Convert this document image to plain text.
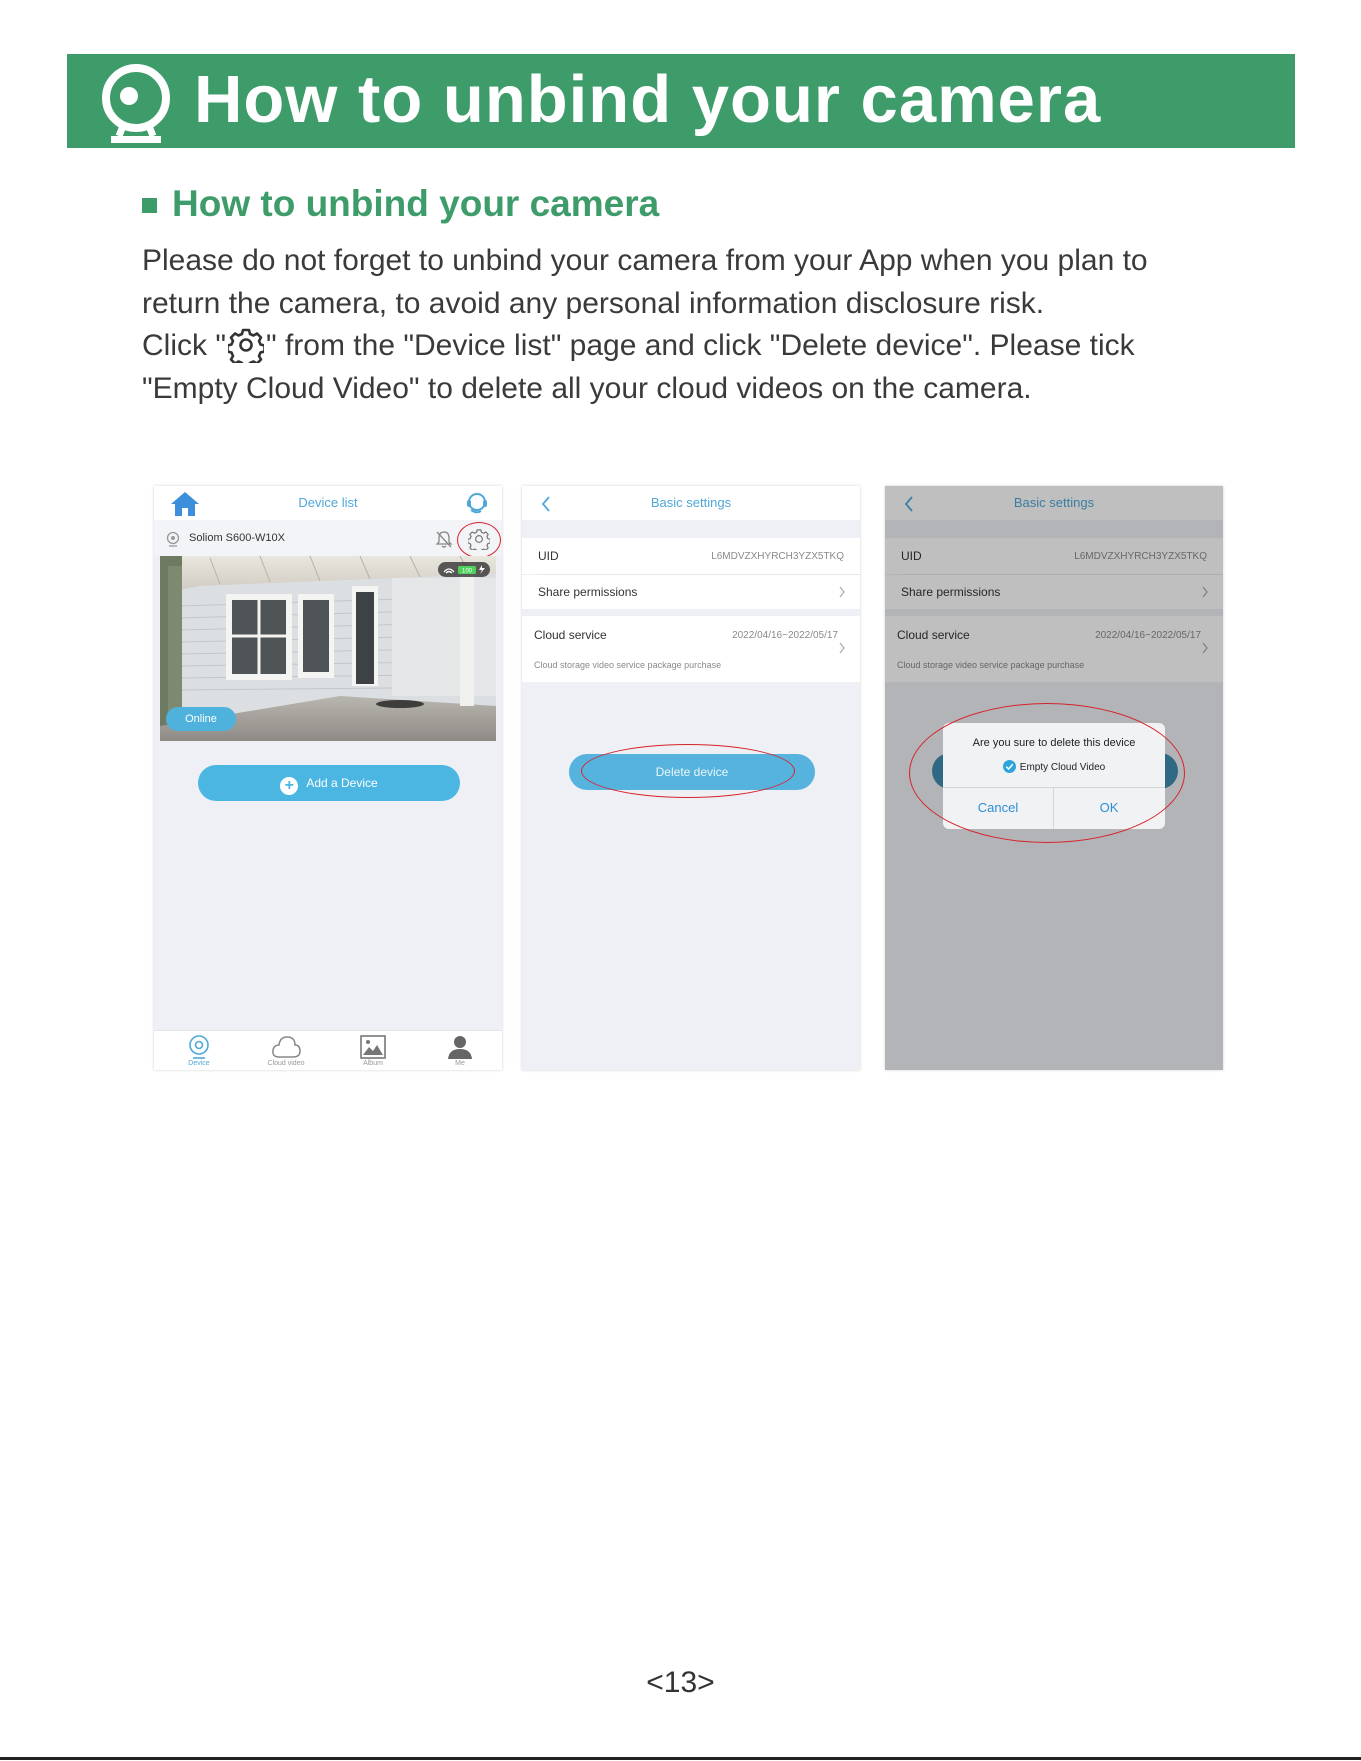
How to unbind your camera
How to unbind your camera
Please do not forget to unbind your camera from your App when you plan to
return the camera, to avoid any personal information disclosure risk.
Click " " from the "Device list" page and click "Delete device". Please tick
"Empty Cloud Video" to delete all your cloud videos on the camera.
Device list
Soliom S600-W10X
100
Online
+ Add a Device
Device	Cloud video	Album	Me
Basic settings
UID	L6MDVZXHYRCH3YZX5TKQ
Share permissions
Cloud service	2022/04/16~2022/05/17
Cloud storage video service package purchase
Delete device
Basic settings
UID	L6MDVZXHYRCH3YZX5TKQ
Share permissions
Cloud service	2022/04/16~2022/05/17
Cloud storage video service package purchase
Are you sure to delete this device
Empty Cloud Video
Cancel	OK
<13>
